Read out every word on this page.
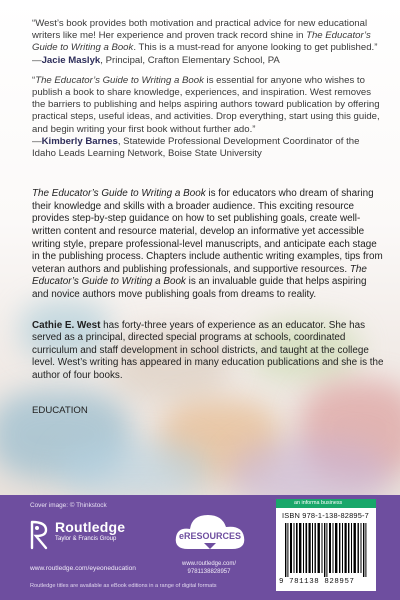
“West’s book provides both motivation and practical advice for new educational writers like me! Her experience and proven track record shine in The Educator’s Guide to Writing a Book. This is a must-read for anyone looking to get published.”

—Jacie Maslyk, Principal, Crafton Elementary School, PA

“The Educator’s Guide to Writing a Book is essential for anyone who wishes to publish a book to share knowledge, experiences, and inspiration. West removes the barriers to publishing and helps aspiring authors toward publication by offering practical steps, useful ideas, and activities. Drop everything, start using this guide, and begin writing your first book without further ado.”

—Kimberly Barnes, Statewide Professional Development Coordinator of the Idaho Leads Learning Network, Boise State University

The Educator’s Guide to Writing a Book is for educators who dream of sharing their knowledge and skills with a broader audience. This exciting resource provides step-by-step guidance on how to set publishing goals, create well-written content and resource material, develop an informative yet accessible writing style, prepare professional-level manuscripts, and anticipate each stage in the publishing process. Chapters include authentic writing examples, tips from veteran authors and publishing professionals, and supportive resources. The Educator’s Guide to Writing a Book is an invaluable guide that helps aspiring and novice authors move publishing goals from dreams to reality.

Cathie E. West has forty-three years of experience as an educator. She has served as a principal, directed special programs at schools, coordinated curriculum and staff development in school districts, and taught at the college level. West’s writing has appeared in many education publications and she is the author of four books.

EDUCATION

Cover image: © Thinkstock
Routledge
Taylor & Francis Group
www.routledge.com/eyeoneducation
Routledge titles are available as eBook editions in a range of digital formats
eRESOURCES
www.routledge.com/
9781138828957
an informa business
ISBN 978-1-138-82895-7
9 781138 828957
